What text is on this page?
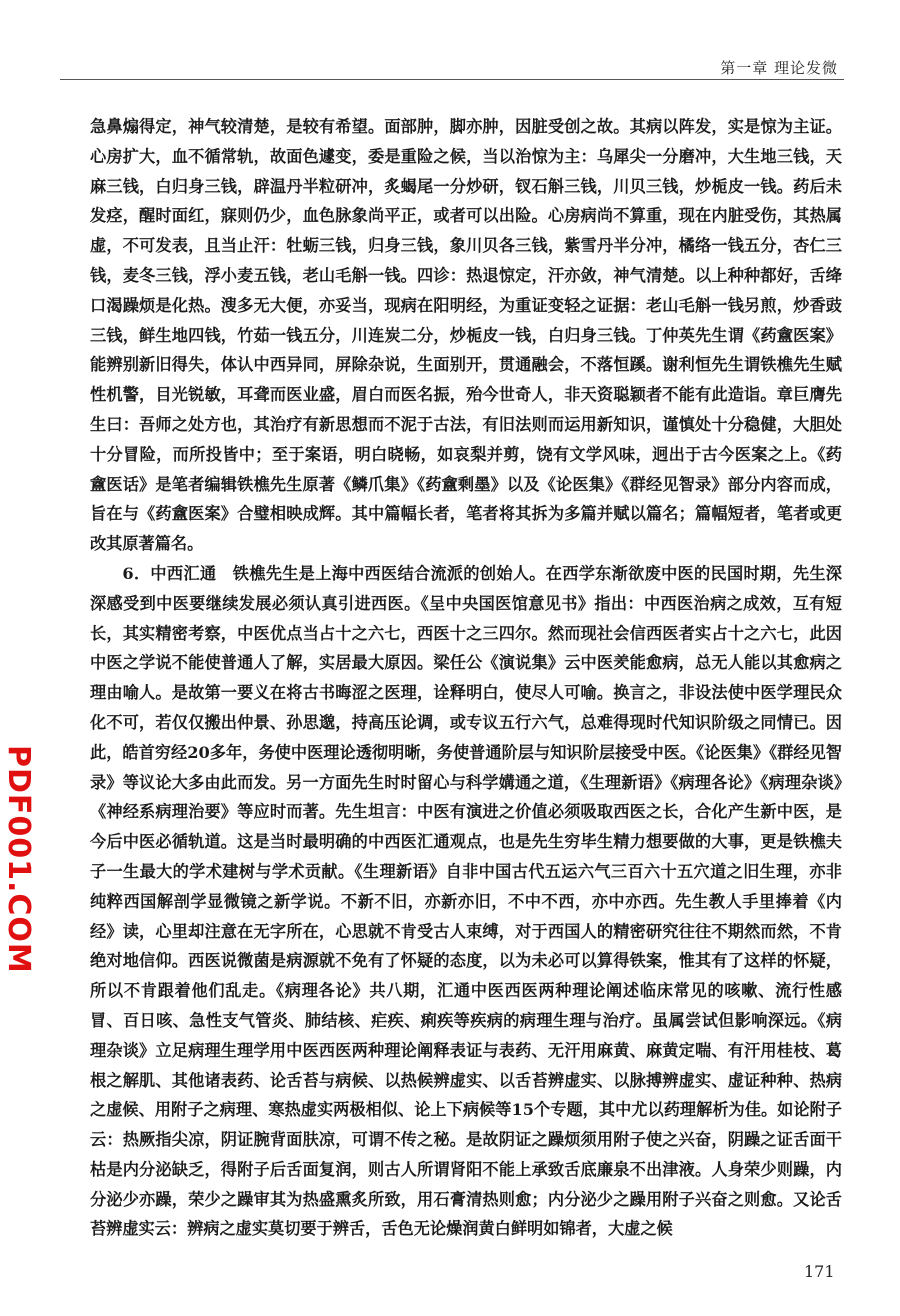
第一章 理论发微

急鼻煽得定，神气较清楚，是较有希望。面部肿，脚亦肿，因脏受创之故。其病以阵发，实是惊为主证。心房扩大，血不循常轨，故面色遽变，委是重险之候，当以治惊为主：乌犀尖一分磨冲，大生地三钱，天麻三钱，白归身三钱，辟温丹半粒研冲，炙蝎尾一分炒研，钗石斛三钱，川贝三钱，炒栀皮一钱。药后未发痉，醒时面红，寐则仍少，血色脉象尚平正，或者可以出险。心房病尚不算重，现在内脏受伤，其热属虚，不可发表，且当止汗：牡蛎三钱，归身三钱，象川贝各三钱，紫雪丹半分冲，橘络一钱五分，杏仁三钱，麦冬三钱，浮小麦五钱，老山毛斛一钱。四诊：热退惊定，汗亦敛，神气清楚。以上种种都好，舌绛口渴躁烦是化热。溲多无大便，亦妥当，现病在阳明经，为重证变轻之证据：老山毛斛一钱另煎，炒香豉三钱，鲜生地四钱，竹茹一钱五分，川连炭二分，炒栀皮一钱，白归身三钱。丁仲英先生谓《药盦医案》能辨别新旧得失，体认中西异同，屏除杂说，生面别开，贯通融会，不落恒蹊。谢利恒先生谓铁樵先生赋性机警，目光锐敏，耳聋而医业盛，眉白而医名振，殆今世奇人，非天资聪颖者不能有此造诣。章巨膺先生曰：吾师之处方也，其治疗有新思想而不泥于古法，有旧法则而运用新知识，谨慎处十分稳健，大胆处十分冒险，而所投皆中；至于案语，明白晓畅，如哀梨并剪，饶有文学风味，迥出于古今医案之上。《药盦医话》是笔者编辑铁樵先生原著《鳞爪集》《药盦剩墨》以及《论医集》《群经见智录》部分内容而成，旨在与《药盦医案》合璧相映成辉。其中篇幅长者，笔者将其拆为多篇并赋以篇名；篇幅短者，笔者或更改其原著篇名。

6．中西汇通　铁樵先生是上海中西医结合流派的创始人。在西学东渐欲废中医的民国时期，先生深深感受到中医要继续发展必须认真引进西医。《呈中央国医馆意见书》指出：中西医治病之成效，互有短长，其实精密考察，中医优点当占十之六七，西医十之三四尔。然而现社会信西医者实占十之六七，此因中医之学说不能使普通人了解，实居最大原因。梁任公《演说集》云中医羑能愈病，总无人能以其愈病之理由喻人。是故第一要义在将古书晦涩之医理，诠释明白，使尽人可喻。换言之，非设法使中医学理民众化不可，若仅仅搬出仲景、孙思邈，持高压论调，或专议五行六气，总难得现时代知识阶级之同情已。因此，皓首穷经20多年，务使中医理论透彻明晰，务使普通阶层与知识阶层接受中医。《论医集》《群经见智录》等议论大多由此而发。另一方面先生时时留心与科学媾通之道，《生理新语》《病理各论》《病理杂谈》《神经系病理治要》等应时而著。先生坦言：中医有演进之价值必须吸取西医之长，合化产生新中医，是今后中医必循轨道。这是当时最明确的中西医汇通观点，也是先生穷毕生精力想要做的大事，更是铁樵夫子一生最大的学术建树与学术贡献。《生理新语》自非中国古代五运六气三百六十五穴道之旧生理，亦非纯粹西国解剖学显微镜之新学说。不新不旧，亦新亦旧，不中不西，亦中亦西。先生教人手里捧着《内经》读，心里却注意在无字所在，心思就不肯受古人束缚，对于西国人的精密研究往往不期然而然，不肯绝对地信仰。西医说微菌是病源就不免有了怀疑的态度，以为未必可以算得铁案，惟其有了这样的怀疑，所以不肯跟着他们乱走。《病理各论》共八期，汇通中医西医两种理论阐述临床常见的咳嗽、流行性感冒、百日咳、急性支气管炎、肺结核、疟疾、痢疾等疾病的病理生理与治疗。虽属尝试但影响深远。《病理杂谈》立足病理生理学用中医西医两种理论阐释表证与表药、无汗用麻黄、麻黄定喘、有汗用桂枝、葛根之解肌、其他诸表药、论舌苔与病候、以热候辨虚实、以舌苔辨虚实、以脉搏辨虚实、虚证种种、热病之虚候、用附子之病理、寒热虚实两极相似、论上下病候等15个专题，其中尤以药理解析为佳。如论附子云：热厥指尖凉，阴证腕背面肤凉，可谓不传之秘。是故阴证之躁烦须用附子使之兴奋，阴躁之证舌面干枯是内分泌缺乏，得附子后舌面复润，则古人所谓肾阳不能上承致舌底廉泉不出津液。人身荣少则躁，内分泌少亦躁，荣少之躁审其为热盛熏炙所致，用石膏清热则愈；内分泌少之躁用附子兴奋之则愈。又论舌苔辨虚实云：辨病之虚实莫切要于辨舌，舌色无论燥润黄白鲜明如锦者，大虚之候

PDF001.COM
171
